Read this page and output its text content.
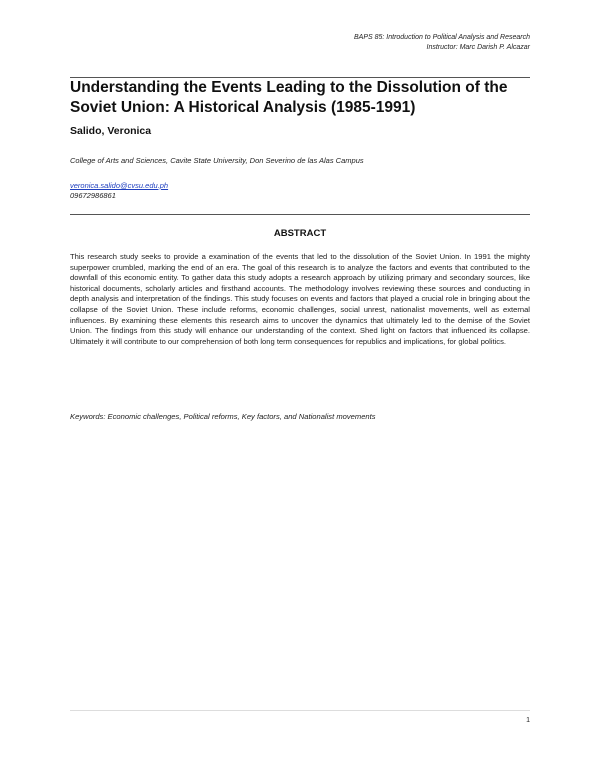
BAPS 85: Introduction to Political Analysis and Research
Instructor: Marc Darish P. Alcazar
Understanding the Events Leading to the Dissolution of the Soviet Union: A Historical Analysis (1985-1991)
Salido, Veronica
College of Arts and Sciences, Cavite State University, Don Severino de las Alas Campus
veronica.salido@cvsu.edu.ph
09672986861
ABSTRACT

This research study seeks to provide a examination of the events that led to the dissolution of the Soviet Union. In 1991 the mighty superpower crumbled, marking the end of an era. The goal of this research is to analyze the factors and events that contributed to the downfall of this economic entity. To gather data this study adopts a research approach by utilizing primary and secondary sources, like historical documents, scholarly articles and firsthand accounts. The methodology involves reviewing these sources and conducting in depth analysis and interpretation of the findings. This study focuses on events and factors that played a crucial role in bringing about the collapse of the Soviet Union. These include reforms, economic challenges, social unrest, nationalist movements, well as external influences. By examining these elements this research aims to uncover the dynamics that ultimately led to the demise of the Soviet Union. The findings from this study will enhance our understanding of the context. Shed light on factors that influenced its collapse. Ultimately it will contribute to our comprehension of both long term consequences for republics and implications, for global politics.

Keywords: Economic challenges, Political reforms, Key factors, and Nationalist movements
1
